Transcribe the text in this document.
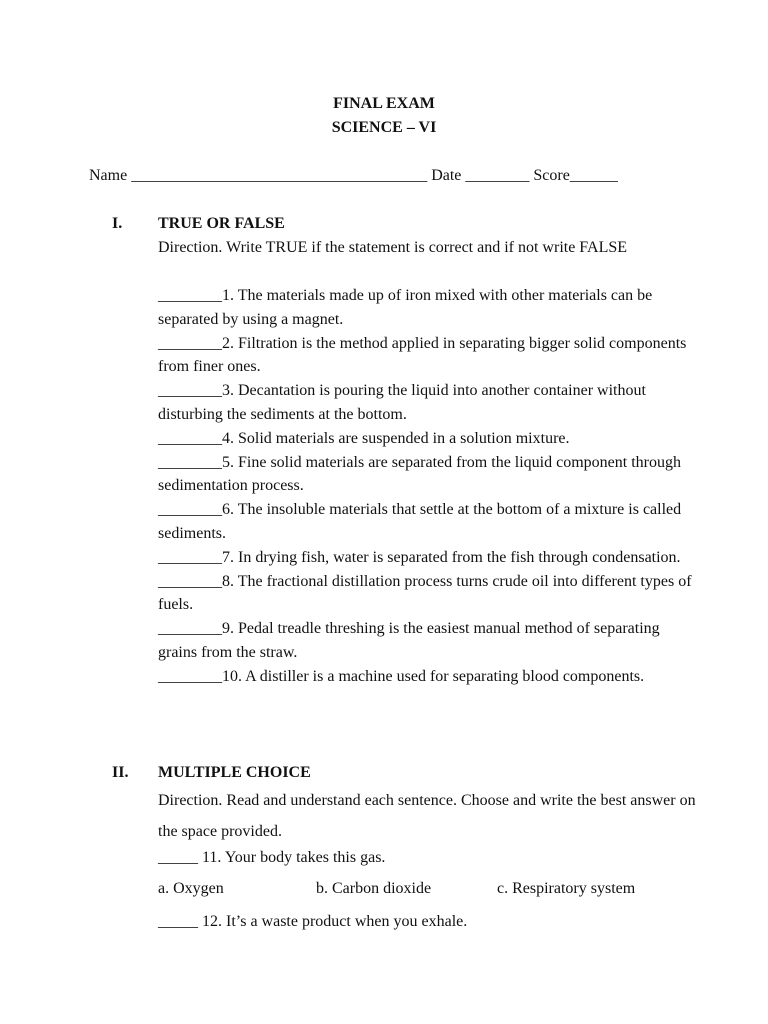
FINAL EXAM
SCIENCE – VI
Name _____________________________________ Date ________ Score______
I. TRUE OR FALSE
Direction. Write TRUE if the statement is correct and if not write FALSE

________1. The materials made up of iron mixed with other materials can be separated by using a magnet.

________2. Filtration is the method applied in separating bigger solid components from finer ones.

________3. Decantation is pouring the liquid into another container without disturbing the sediments at the bottom.

________4. Solid materials are suspended in a solution mixture.

________5. Fine solid materials are separated from the liquid component through sedimentation process.

________6. The insoluble materials that settle at the bottom of a mixture is called sediments.

________7. In drying fish, water is separated from the fish through condensation.

________8. The fractional distillation process turns crude oil into different types of fuels.

________9. Pedal treadle threshing is the easiest manual method of separating grains from the straw.

________10. A distiller is a machine used for separating blood components.

II. MULTIPLE CHOICE
Direction. Read and understand each sentence. Choose and write the best answer on the space provided.
_____ 11. Your body takes this gas.
a. Oxygen	b. Carbon dioxide	c. Respiratory system
_____ 12. It’s a waste product when you exhale.
